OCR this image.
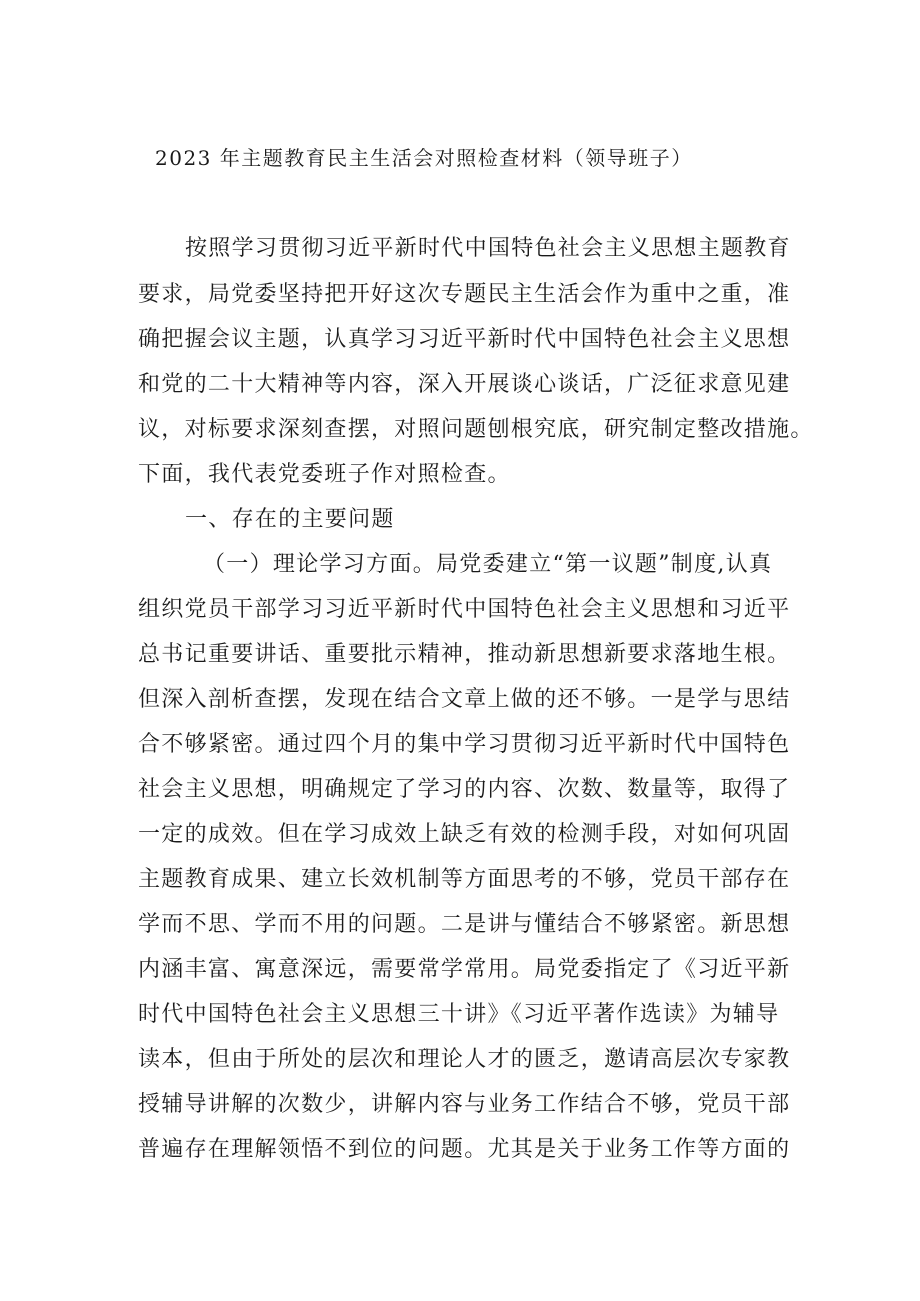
2023 年主题教育民主生活会对照检查材料（领导班子）
按照学习贯彻习近平新时代中国特色社会主义思想主题教育
要求，局党委坚持把开好这次专题民主生活会作为重中之重，准
确把握会议主题，认真学习习近平新时代中国特色社会主义思想
和党的二十大精神等内容，深入开展谈心谈话，广泛征求意见建
议，对标要求深刻查摆，对照问题刨根究底，研究制定整改措施。
下面，我代表党委班子作对照检查。
一、存在的主要问题
（一）理论学习方面。局党委建立“第一议题”制度,认真
组织党员干部学习习近平新时代中国特色社会主义思想和习近平
总书记重要讲话、重要批示精神，推动新思想新要求落地生根。
但深入剖析查摆，发现在结合文章上做的还不够。一是学与思结
合不够紧密。通过四个月的集中学习贯彻习近平新时代中国特色
社会主义思想，明确规定了学习的内容、次数、数量等，取得了
一定的成效。但在学习成效上缺乏有效的检测手段，对如何巩固
主题教育成果、建立长效机制等方面思考的不够，党员干部存在
学而不思、学而不用的问题。二是讲与懂结合不够紧密。新思想
内涵丰富、寓意深远，需要常学常用。局党委指定了《习近平新
时代中国特色社会主义思想三十讲》《习近平著作选读》为辅导
读本，但由于所处的层次和理论人才的匮乏，邀请高层次专家教
授辅导讲解的次数少，讲解内容与业务工作结合不够，党员干部
普遍存在理解领悟不到位的问题。尤其是关于业务工作等方面的
